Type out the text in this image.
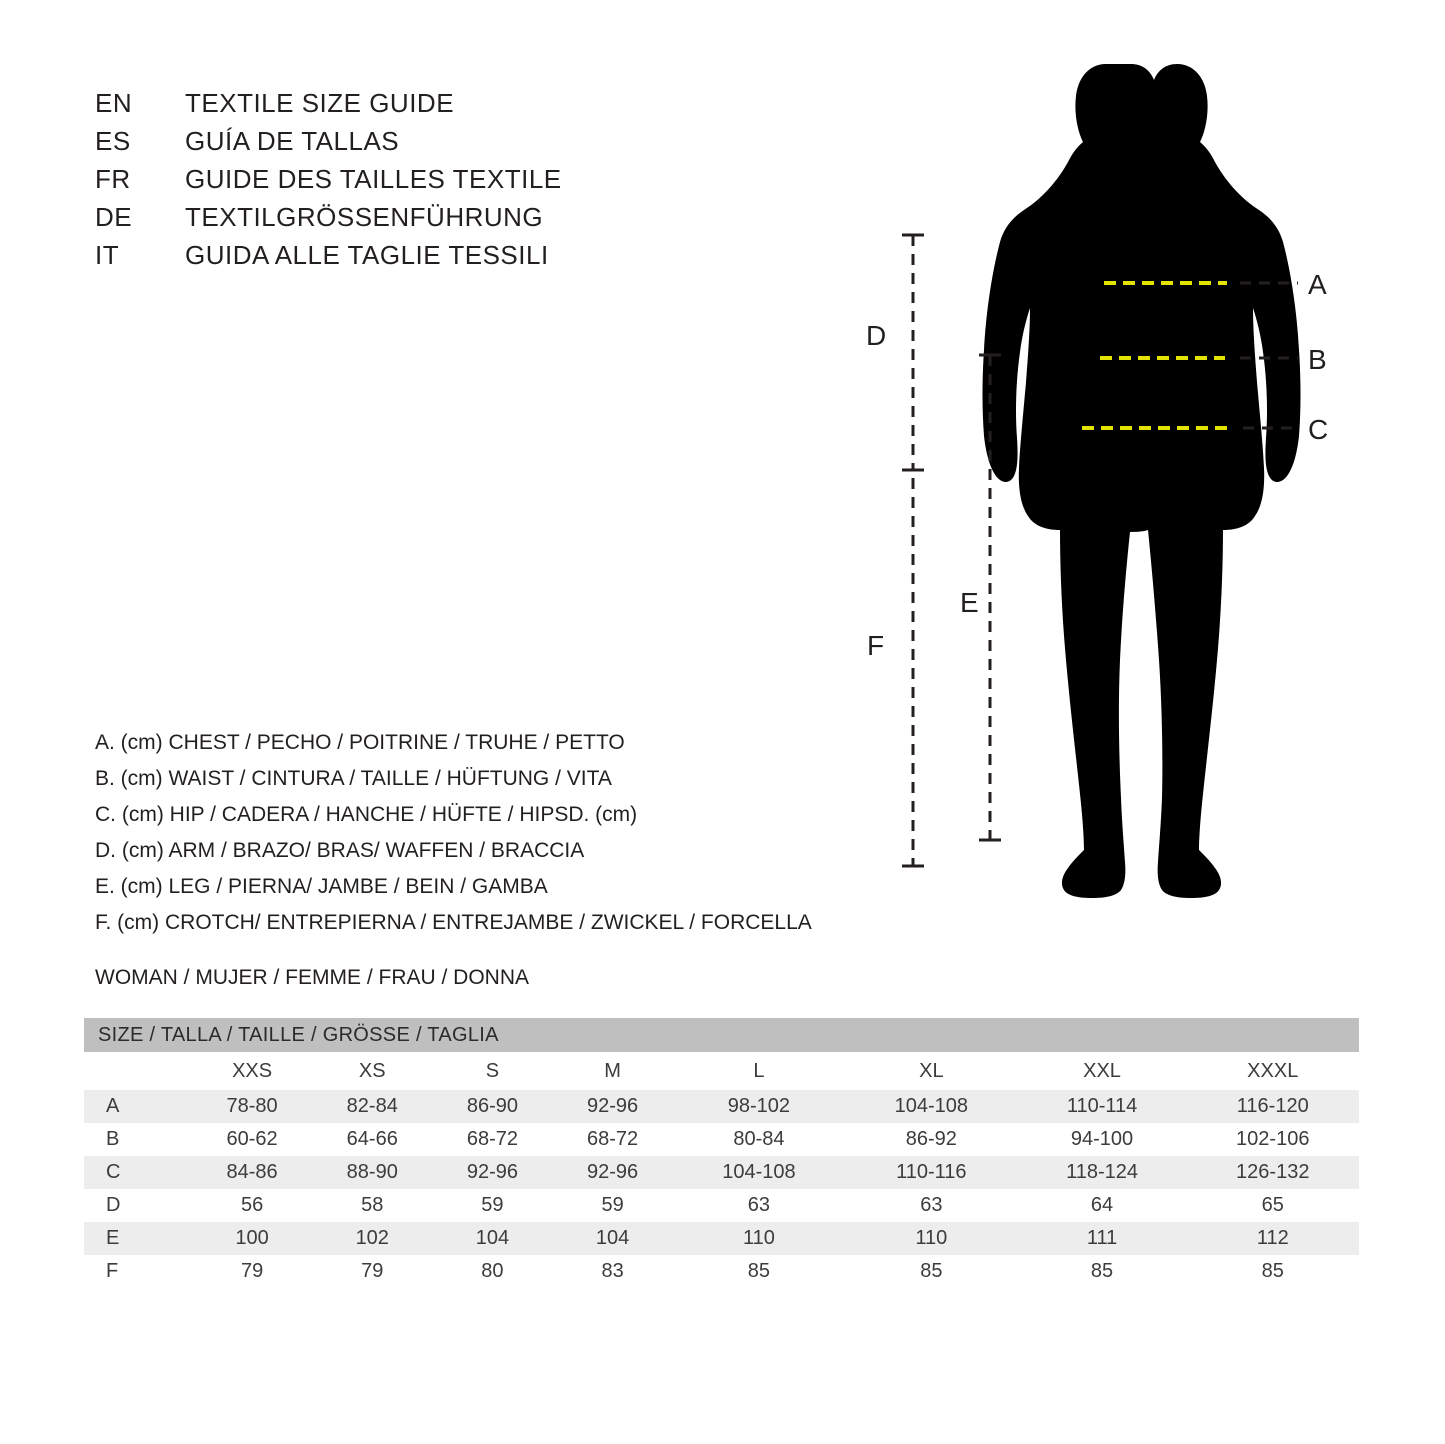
EN	TEXTILE SIZE GUIDE
ES	GUÍA DE TALLAS
FR	GUIDE DES TAILLES TEXTILE
DE	TEXTILGRÖSSENFÜHRUNG
IT	GUIDA ALLE TAGLIE TESSILI
A
B
C
D
F
E
A. (cm) CHEST / PECHO / POITRINE / TRUHE / PETTO
B. (cm) WAIST / CINTURA / TAILLE / HÜFTUNG / VITA
C. (cm) HIP / CADERA / HANCHE / HÜFTE / HIPSD. (cm)
D. (cm) ARM / BRAZO/ BRAS/ WAFFEN / BRACCIA
E. (cm) LEG / PIERNA/ JAMBE / BEIN / GAMBA
F. (cm) CROTCH/ ENTREPIERNA / ENTREJAMBE / ZWICKEL / FORCELLA
WOMAN / MUJER / FEMME / FRAU / DONNA
SIZE / TALLA / TAILLE / GRÖSSE / TAGLIA								
	XXS	XS	S	M	L	XL	XXL	XXXL
A	78-80	82-84	86-90	92-96	98-102	104-108	110-114	116-120
B	60-62	64-66	68-72	68-72	80-84	86-92	94-100	102-106
C	84-86	88-90	92-96	92-96	104-108	110-116	118-124	126-132
D	56	58	59	59	63	63	64	65
E	100	102	104	104	110	110	111	112
F	79	79	80	83	85	85	85	85
